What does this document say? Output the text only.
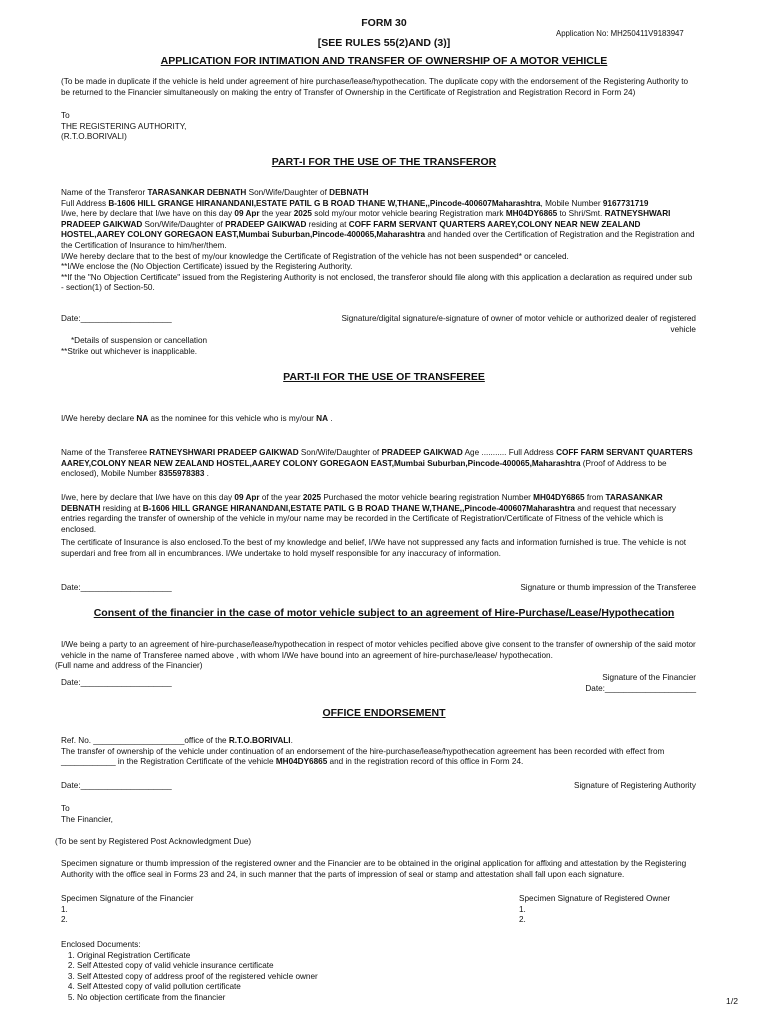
FORM 30
Application No: MH250411V9183947
[SEE RULES 55(2)AND (3)]
APPLICATION FOR INTIMATION AND TRANSFER OF OWNERSHIP OF A MOTOR VEHICLE
(To be made in duplicate if the vehicle is held under agreement of hire purchase/lease/hypothecation. The duplicate copy with the endorsement of the Registering Authority to be returned to the Financier simultaneously on making the entry of Transfer of Ownership in the Certificate of Registration and Registration Record in Form 24)
To
THE REGISTERING AUTHORITY,
(R.T.O.BORIVALI)
PART-I FOR THE USE OF THE TRANSFEROR
Name of the Transferor TARASANKAR DEBNATH Son/Wife/Daughter of DEBNATH
Full Address B-1606 HILL GRANGE HIRANANDANI,ESTATE PATIL G B ROAD THANE W,THANE,,Pincode-400607Maharashtra, Mobile Number 9167731719
I/we, here by declare that I/we have on this day 09 Apr the year 2025 sold my/our motor vehicle bearing Registration mark MH04DY6865 to Shri/Smt. RATNEYSHWARI PRADEEP GAIKWAD Son/Wife/Daughter of PRADEEP GAIKWAD residing at COFF FARM SERVANT QUARTERS AAREY,COLONY NEAR NEW ZEALAND HOSTEL,AAREY COLONY GOREGAON EAST,Mumbai Suburban,Pincode-400065,Maharashtra and handed over the Certification of Registration and the Registration and the Certification of Insurance to him/her/them.
I/We hereby declare that to the best of my/our knowledge the Certificate of Registration of the vehicle has not been suspended* or canceled.
**I/We enclose the (No Objection Certificate) issued by the Registering Authority.
**If the "No Objection Certificate" issued from the Registering Authority is not enclosed, the transferor should file along with this application a declaration as required under sub - section(1) of Section-50.
Date:____________________	Signature/digital signature/e-signature of owner of motor vehicle or authorized dealer of registered vehicle
*Details of suspension or cancellation
**Strike out whichever is inapplicable.
PART-II FOR THE USE OF TRANSFEREE
I/We hereby declare NA as the nominee for this vehicle who is my/our NA .
Name of the Transferee RATNEYSHWARI PRADEEP GAIKWAD Son/Wife/Daughter of PRADEEP GAIKWAD Age ........... Full Address COFF FARM SERVANT QUARTERS AAREY,COLONY NEAR NEW ZEALAND HOSTEL,AAREY COLONY GOREGAON EAST,Mumbai Suburban,Pincode-400065,Maharashtra (Proof of Address to be enclosed), Mobile Number 8355978383 .
I/we, here by declare that I/we have on this day 09 Apr of the year 2025 Purchased the motor vehicle bearing registration Number MH04DY6865 from TARASANKAR DEBNATH residing at B-1606 HILL GRANGE HIRANANDANI,ESTATE PATIL G B ROAD THANE W,THANE,,Pincode-400607Maharashtra and request that necessary entries regarding the transfer of ownership of the vehicle in my/our name may be recorded in the Certificate of Registration/Certificate of Fitness of the vehicle which is enclosed.
The certificate of Insurance is also enclosed.To the best of my knowledge and belief, I/We have not suppressed any facts and information furnished is true. The vehicle is not superdari and free from all in encumbrances. I/We undertake to hold myself responsible for any inaccuracy of information.
Date:____________________	Signature or thumb impression of the Transferee
Consent of the financier in the case of motor vehicle subject to an agreement of Hire-Purchase/Lease/Hypothecation
I/We being a party to an agreement of hire-purchase/lease/hypothecation in respect of motor vehicles pecified above give consent to the transfer of ownership of the said motor vehicle in the name of Transferee named above , with whom I/We have bound into an agreement of hire-purchase/lease/ hypothecation.
(Full name and address of the Financier)
Signature of the Financier
Date:____________________
Date:____________________
OFFICE ENDORSEMENT
Ref. No. ____________________office of the R.T.O.BORIVALI.
The transfer of ownership of the vehicle under continuation of an endorsement of the hire-purchase/lease/hypothecation agreement has been recorded with effect from ____________ in the Registration Certificate of the vehicle MH04DY6865 and in the registration record of this office in Form 24.
Date:____________________	Signature of Registering Authority
To
The Financier,
(To be sent by Registered Post Acknowledgment Due)
Specimen signature or thumb impression of the registered owner and the Financier are to be obtained in the original application for affixing and attestation by the Registering Authority with the office seal in Forms 23 and 24, in such manner that the parts of impression of seal or stamp and attestation shall fall upon each signature.
Specimen Signature of the Financier
1.
2.
Specimen Signature of Registered Owner
1.
2.
Enclosed Documents:
1. Original Registration Certificate
2. Self Attested copy of valid vehicle insurance certificate
3. Self Attested copy of address proof of the registered vehicle owner
4. Self Attested copy of valid pollution certificate
5. No objection certificate from the financier	1/2
